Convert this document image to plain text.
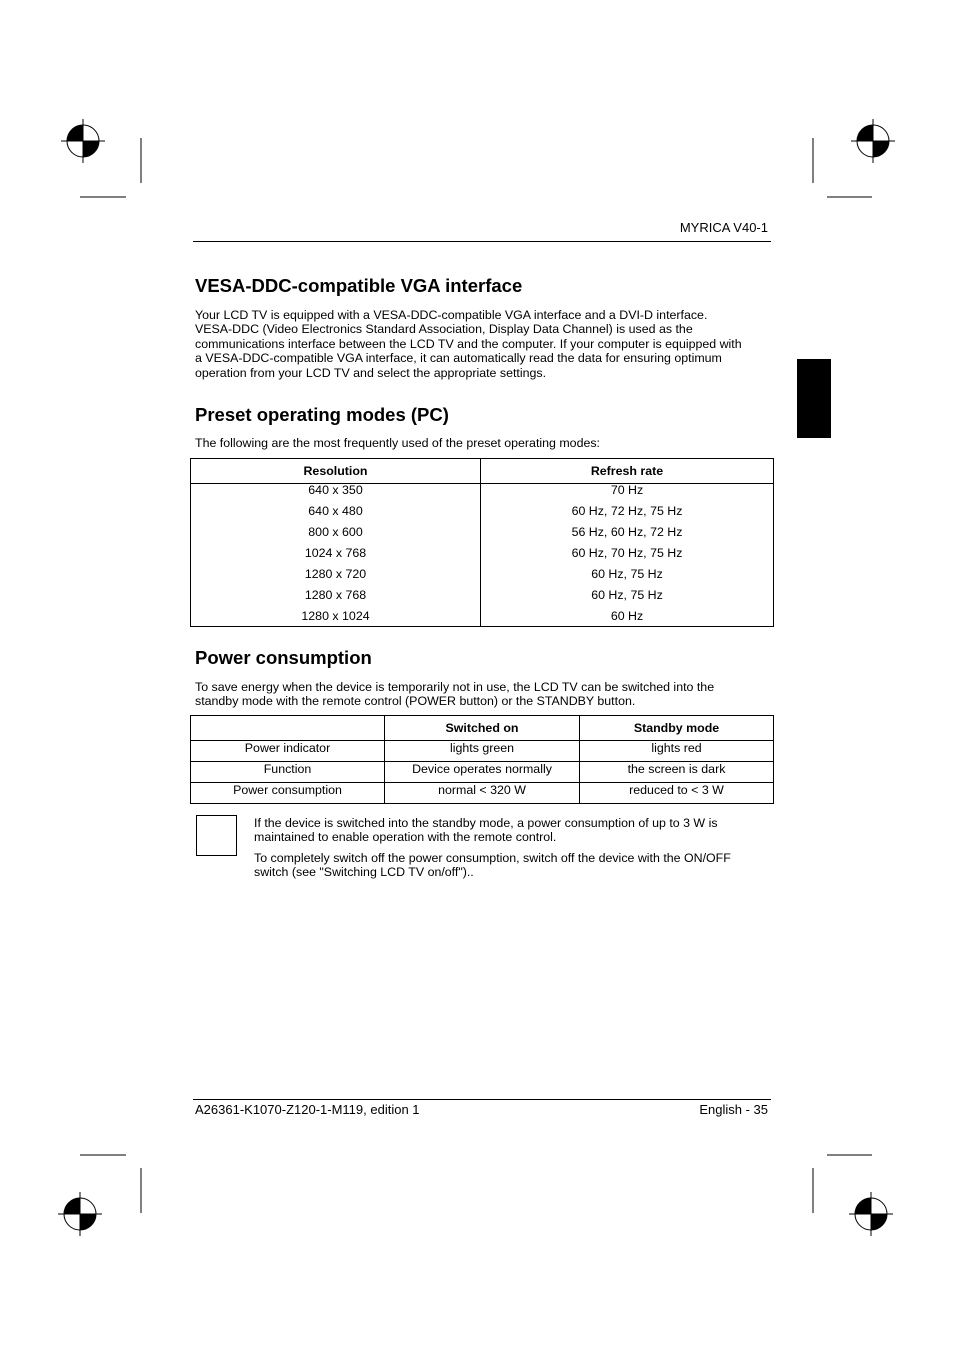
MYRICA V40-1
VESA-DDC-compatible VGA interface
Your LCD TV is equipped with a VESA-DDC-compatible VGA interface and a DVI-D interface.
VESA-DDC (Video Electronics Standard Association, Display Data Channel) is used as the
communications interface between the LCD TV and the computer. If your computer is equipped with
a VESA-DDC-compatible VGA interface, it can automatically read the data for ensuring optimum
operation from your LCD TV and select the appropriate settings.
Preset operating modes (PC)
The following are the most frequently used of the preset operating modes:
Resolution	Refresh rate
640 x 350	70 Hz
640 x 480	60 Hz, 72 Hz, 75 Hz
800 x 600	56 Hz, 60 Hz, 72 Hz
1024 x 768	60 Hz, 70 Hz, 75 Hz
1280 x 720	60 Hz, 75 Hz
1280 x 768	60 Hz, 75 Hz
1280 x 1024	60 Hz
Power consumption
To save energy when the device is temporarily not in use, the LCD TV can be switched into the
standby mode with the remote control (POWER button) or the STANDBY button.
	Switched on	Standby mode
Power indicator	lights green	lights red
Function	Device operates normally	the screen is dark
Power consumption	normal < 320 W	reduced to < 3 W
If the device is switched into the standby mode, a power consumption of up to 3 W is
maintained to enable operation with the remote control.
To completely switch off the power consumption, switch off the device with the ON/OFF
switch (see "Switching LCD TV on/off")..
A26361-K1070-Z120-1-M119, edition 1	English - 35
